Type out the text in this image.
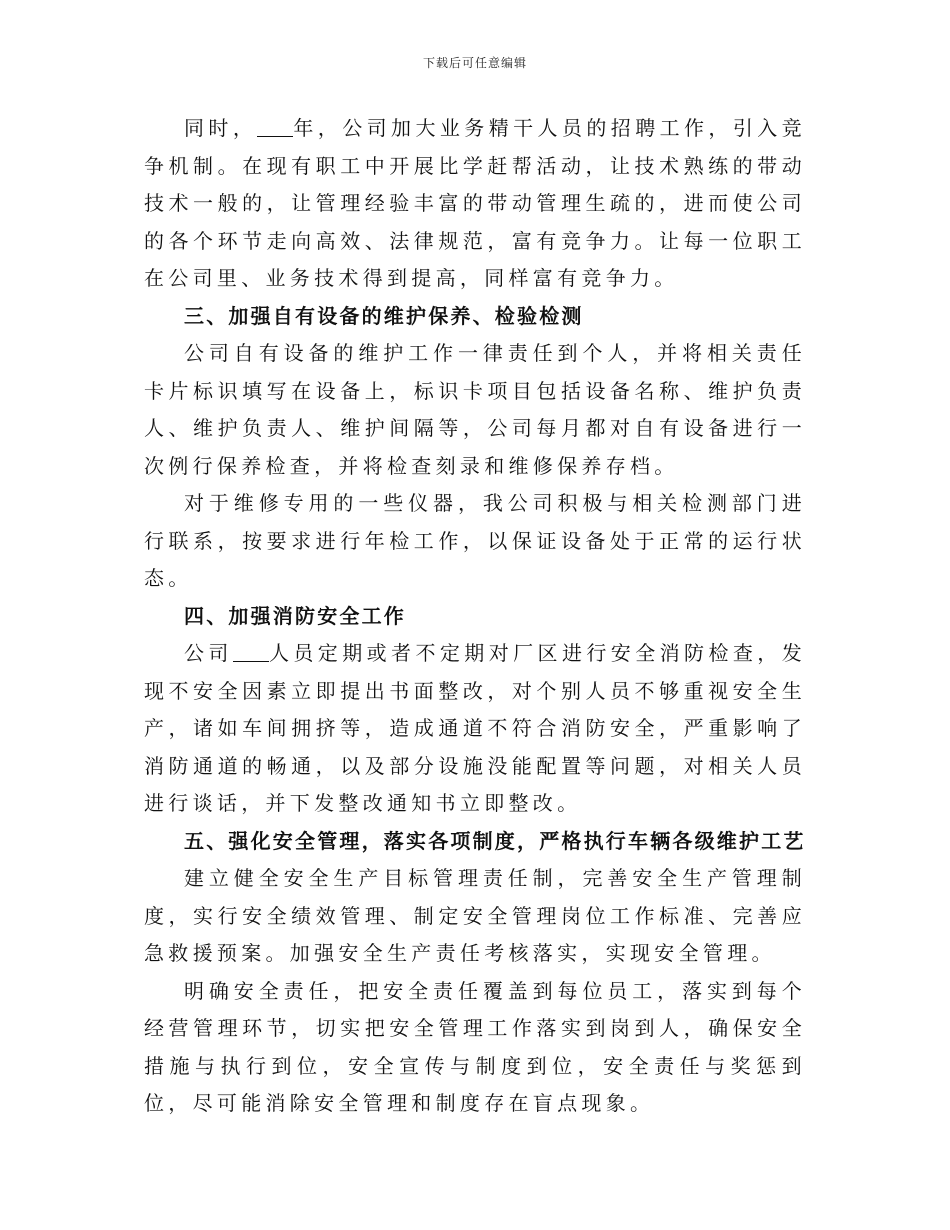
下载后可任意编辑

同时， 年，公司加大业务精干人员的招聘工作，引入竞争机制。在现有职工中开展比学赶帮活动，让技术熟练的带动技术一般的，让管理经验丰富的带动管理生疏的，进而使公司的各个环节走向高效、法律规范，富有竞争力。让每一位职工在公司里、业务技术得到提高，同样富有竞争力。

三、加强自有设备的维护保养、检验检测

公司自有设备的维护工作一律责任到个人，并将相关责任卡片标识填写在设备上，标识卡项目包括设备名称、维护负责人、维护负责人、维护间隔等，公司每月都对自有设备进行一次例行保养检查，并将检查刻录和维修保养存档。

对于维修专用的一些仪器，我公司积极与相关检测部门进行联系，按要求进行年检工作，以保证设备处于正常的运行状态。

四、加强消防安全工作

公司 人员定期或者不定期对厂区进行安全消防检查，发现不安全因素立即提出书面整改，对个别人员不够重视安全生产，诸如车间拥挤等，造成通道不符合消防安全，严重影响了消防通道的畅通，以及部分设施没能配置等问题，对相关人员进行谈话，并下发整改通知书立即整改。

五、强化安全管理，落实各项制度，严格执行车辆各级维护工艺

建立健全安全生产目标管理责任制，完善安全生产管理制度，实行安全绩效管理、制定安全管理岗位工作标准、完善应急救援预案。加强安全生产责任考核落实，实现安全管理。

明确安全责任，把安全责任覆盖到每位员工，落实到每个经营管理环节，切实把安全管理工作落实到岗到人，确保安全措施与执行到位，安全宣传与制度到位，安全责任与奖惩到位，尽可能消除安全管理和制度存在盲点现象。
